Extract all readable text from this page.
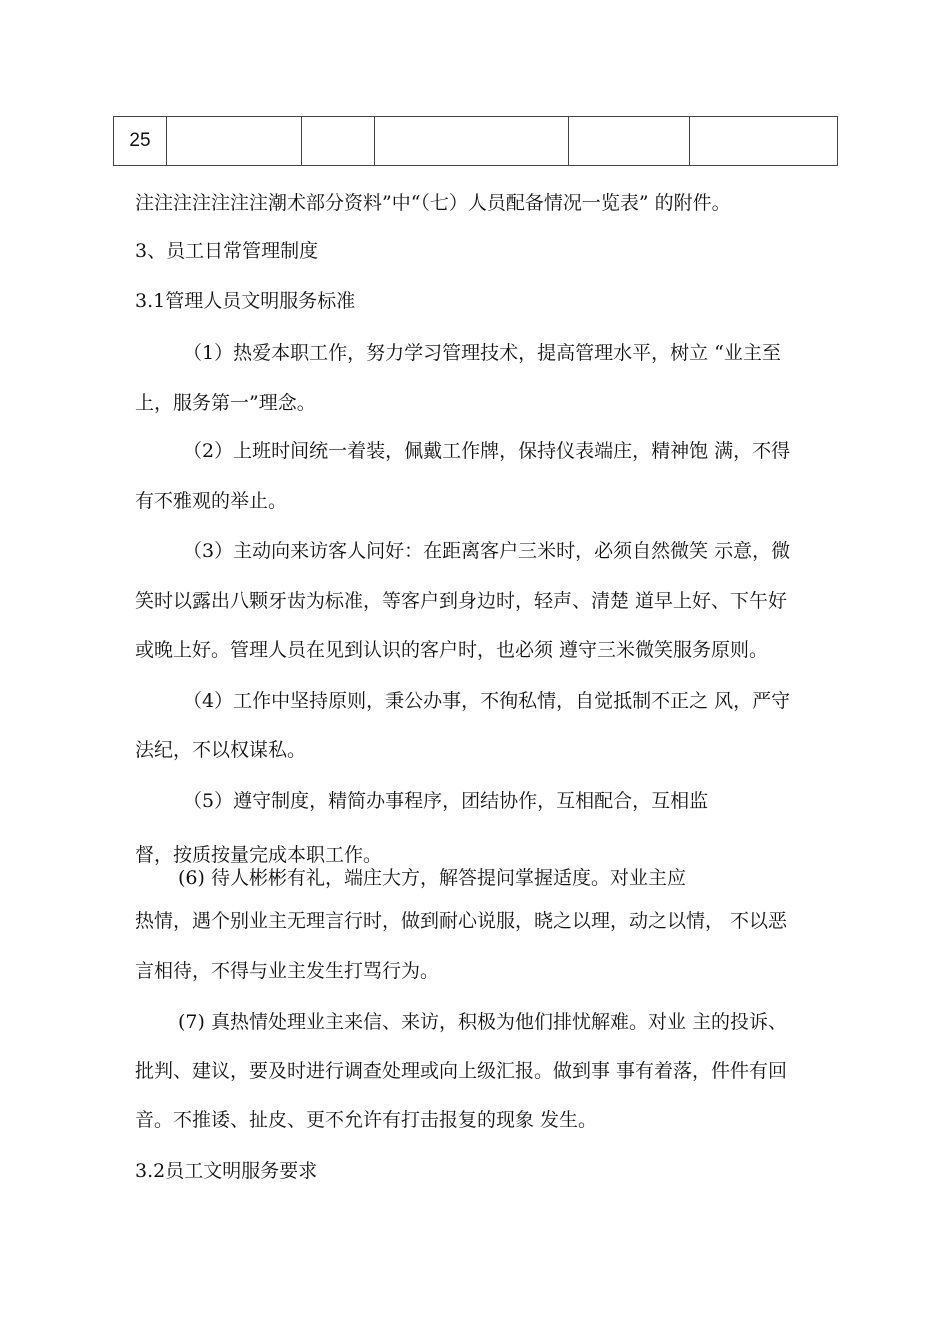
25

注注注注注注注潮术部分资料”中“（七）人员配备情况一览表” 的附件。

3、员工日常管理制度

3.1管理人员文明服务标准

（1）热爱本职工作，努力学习管理技术，提高管理水平，树立 “业主至

上，服务第一”理念。

（2）上班时间统一着装，佩戴工作牌，保持仪表端庄，精神饱 满，不得

有不雅观的举止。

（3）主动向来访客人问好：在距离客户三米时，必须自然微笑 示意，微

笑时以露出八颗牙齿为标准，等客户到身边时，轻声、清楚 道早上好、下午好

或晚上好。管理人员在见到认识的客户时，也必须 遵守三米微笑服务原则。

（4）工作中坚持原则，秉公办事，不徇私情，自觉抵制不正之 风，严守

法纪，不以权谋私。

（5）遵守制度，精简办事程序，团结协作，互相配合，互相监

督，按质按量完成本职工作。

(6) 待人彬彬有礼，端庄大方，解答提问掌握适度。对业主应

热情，遇个别业主无理言行时，做到耐心说服，晓之以理，动之以情， 不以恶

言相待，不得与业主发生打骂行为。

(7) 真热情处理业主来信、来访，积极为他们排忧解难。对业 主的投诉、

批判、建议，要及时进行调查处理或向上级汇报。做到事 事有着落，件件有回

音。不推诿、扯皮、更不允许有打击报复的现象 发生。

3.2员工文明服务要求
